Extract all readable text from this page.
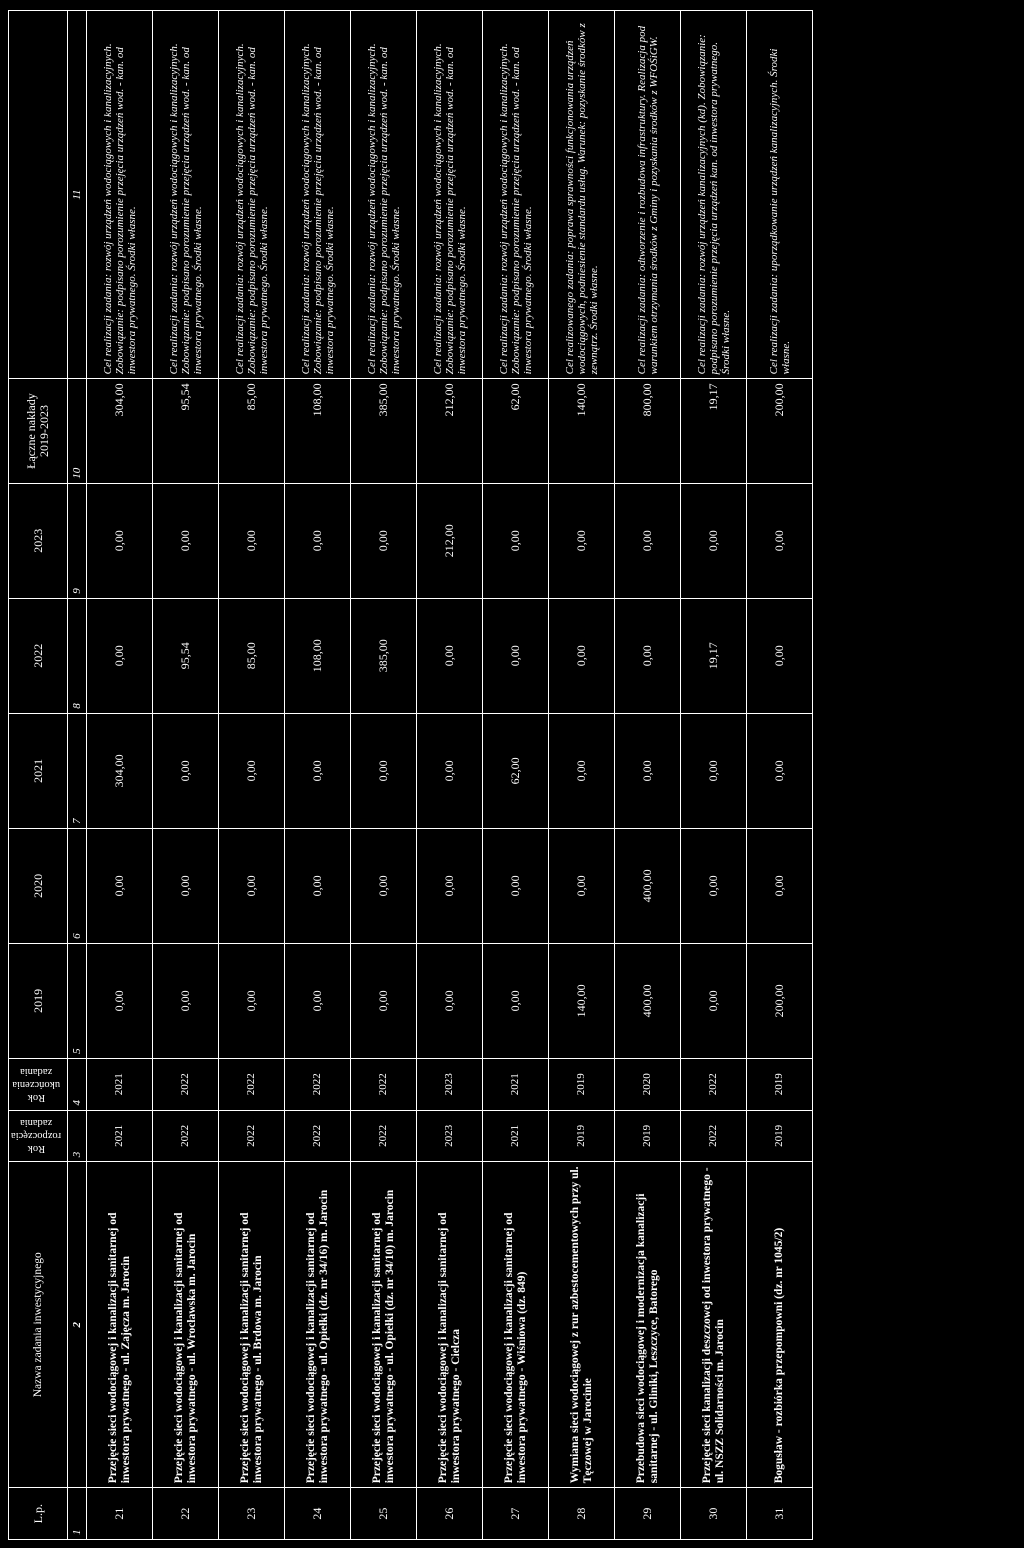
L.p.	Nazwa zadania inwestycyjnego	Rok rozpoczęcia zadania	Rok ukończenia zadania	2019	2020	2021	2022	2023	Łączne nakłady 2019-2023	
1	2	3	4	5	6	7	8	9	10	11
21	Przejęcie sieci wodociągowej i kanalizacji sanitarnej od inwestora prywatnego - ul. Zajęcza m. Jarocin	2021	2021	0,00	0,00	304,00	0,00	0,00	304,00	Cel realizacji zadania: rozwój urządzeń wodociągowych i kanalizacyjnych. Zobowiązanie: podpisano porozumienie przejęcia urządzeń wod. - kan. od inwestora prywatnego. Środki własne.
22	Przejęcie sieci wodociągowej i kanalizacji sanitarnej od inwestora prywatnego - ul. Wrocławska m. Jarocin	2022	2022	0,00	0,00	0,00	95,54	0,00	95,54	Cel realizacji zadania: rozwój urządzeń wodociągowych i kanalizacyjnych. Zobowiązanie: podpisano porozumienie przejęcia urządzeń wod. - kan. od inwestora prywatnego. Środki własne.
23	Przejęcie sieci wodociągowej i kanalizacji sanitarnej od inwestora prywatnego - ul. Brdowa m. Jarocin	2022	2022	0,00	0,00	0,00	85,00	0,00	85,00	Cel realizacji zadania: rozwój urządzeń wodociągowych i kanalizacyjnych. Zobowiązanie: podpisano porozumienie przejęcia urządzeń wod. - kan. od inwestora prywatnego. Środki własne.
24	Przejęcie sieci wodociągowej i kanalizacji sanitarnej od inwestora prywatnego - ul. Opiełki (dz. nr 34/16) m. Jarocin	2022	2022	0,00	0,00	0,00	108,00	0,00	108,00	Cel realizacji zadania: rozwój urządzeń wodociągowych i kanalizacyjnych. Zobowiązanie: podpisano porozumienie przejęcia urządzeń wod. - kan. od inwestora prywatnego. Środki własne.
25	Przejęcie sieci wodociągowej i kanalizacji sanitarnej od inwestora prywatnego - ul. Opiełki (dz. nr 34/10) m. Jarocin	2022	2022	0,00	0,00	0,00	385,00	0,00	385,00	Cel realizacji zadania: rozwój urządzeń wodociągowych i kanalizacyjnych. Zobowiązanie: podpisano porozumienie przejęcia urządzeń wod. - kan. od inwestora prywatnego. Środki własne.
26	Przejęcie sieci wodociągowej i kanalizacji sanitarnej od inwestora prywatnego - Cielcza	2023	2023	0,00	0,00	0,00	0,00	212,00	212,00	Cel realizacji zadania: rozwój urządzeń wodociągowych i kanalizacyjnych. Zobowiązanie: podpisano porozumienie przejęcia urządzeń wod. - kan. od inwestora prywatnego. Środki własne.
27	Przejęcie sieci wodociągowej i kanalizacji sanitarnej od inwestora prywatnego - Wiśniowa (dz. 849)	2021	2021	0,00	0,00	62,00	0,00	0,00	62,00	Cel realizacji zadania: rozwój urządzeń wodociągowych i kanalizacyjnych. Zobowiązanie: podpisano porozumienie przejęcia urządzeń wod. - kan. od inwestora prywatnego. Środki własne.
28	Wymiana sieci wodociągowej z rur azbestocementowych przy ul. Tęczowej w Jarocinie	2019	2019	140,00	0,00	0,00	0,00	0,00	140,00	Cel realizowanego zadania: poprawa sprawności funkcjonowania urządzeń wodociągowych, podniesienie standardu usług. Warunek: pozyskanie środków z zewnątrz. Środki własne.
29	Przebudowa sieci wodociągowej i modernizacja kanalizacji sanitarnej - ul. Gliniki, Leszczyce, Batorego	2019	2020	400,00	400,00	0,00	0,00	0,00	800,00	Cel realizacji zadania: odtworzenie i rozbudowa infrastruktury. Realizacja pod warunkiem otrzymania środków z Gminy i pozyskania środków z WFOŚiGW.
30	Przejęcie sieci kanalizacji deszczowej od inwestora prywatnego - ul. NSZZ Solidarności m. Jarocin	2022	2022	0,00	0,00	0,00	19,17	0,00	19,17	Cel realizacji zadania: rozwój urządzeń kanalizacyjnych (kd). Zobowiązanie: podpisano porozumienie przejęcia urządzeń kan. od inwestora prywatnego. Środki własne.
31	Bogusław - rozbiórka przepompowni (dz. nr 1045/2)	2019	2019	200,00	0,00	0,00	0,00	0,00	200,00	Cel realizacji zadania: uporządkowanie urządzeń kanalizacyjnych. Środki własne.
